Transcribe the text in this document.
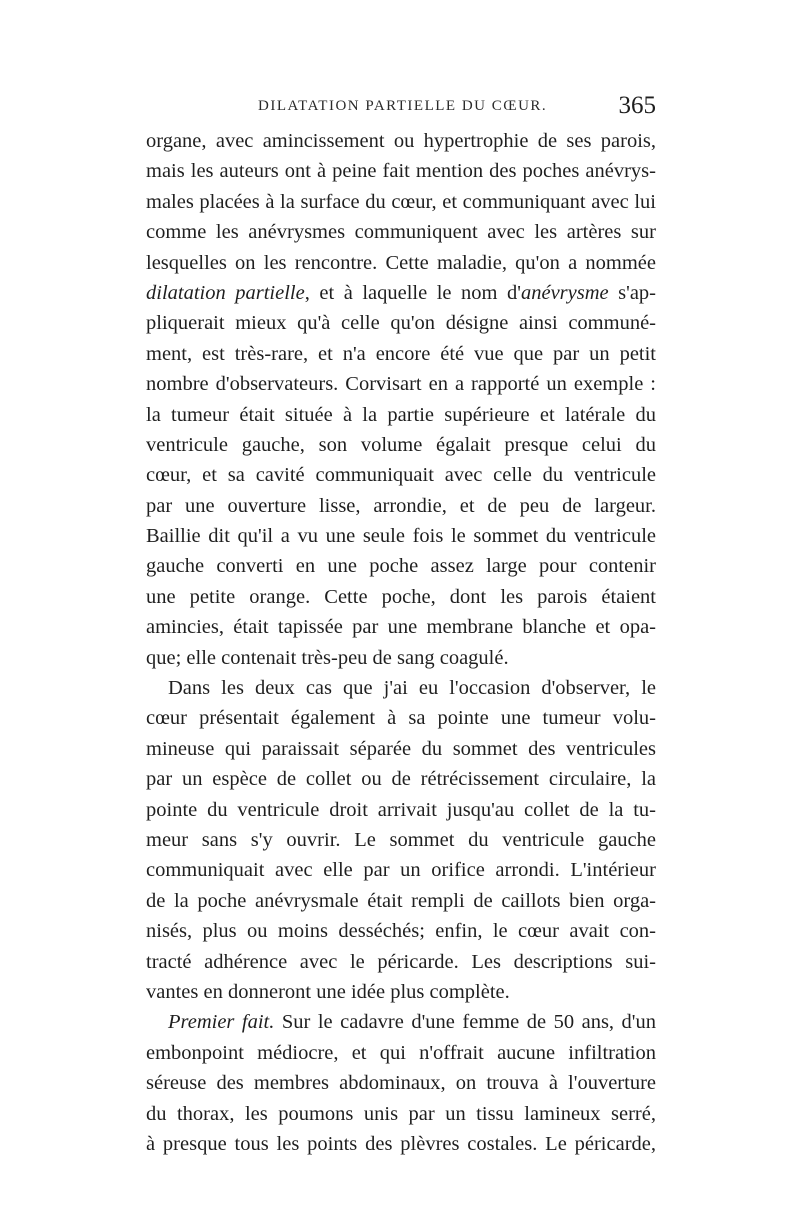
DILATATION PARTIELLE DU CŒUR.	365
organe, avec amincissement ou hypertrophie de ses parois,
mais les auteurs ont à peine fait mention des poches anévrys-
males placées à la surface du cœur, et communiquant avec lui
comme les anévrysmes communiquent avec les artères sur
lesquelles on les rencontre. Cette maladie, qu'on a nommée
dilatation partielle, et à laquelle le nom d'anévrysme s'ap-
pliquerait mieux qu'à celle qu'on désigne ainsi communé-
ment, est très-rare, et n'a encore été vue que par un petit
nombre d'observateurs. Corvisart en a rapporté un exemple :
la tumeur était située à la partie supérieure et latérale du
ventricule gauche, son volume égalait presque celui du
cœur, et sa cavité communiquait avec celle du ventricule
par une ouverture lisse, arrondie, et de peu de largeur.
Baillie dit qu'il a vu une seule fois le sommet du ventricule
gauche converti en une poche assez large pour contenir
une petite orange. Cette poche, dont les parois étaient
amincies, était tapissée par une membrane blanche et opa-
que; elle contenait très-peu de sang coagulé.
Dans les deux cas que j'ai eu l'occasion d'observer, le
cœur présentait également à sa pointe une tumeur volu-
mineuse qui paraissait séparée du sommet des ventricules
par un espèce de collet ou de rétrécissement circulaire, la
pointe du ventricule droit arrivait jusqu'au collet de la tu-
meur sans s'y ouvrir. Le sommet du ventricule gauche
communiquait avec elle par un orifice arrondi. L'intérieur
de la poche anévrysmale était rempli de caillots bien orga-
nisés, plus ou moins desséchés; enfin, le cœur avait con-
tracté adhérence avec le péricarde. Les descriptions sui-
vantes en donneront une idée plus complète.
Premier fait. Sur le cadavre d'une femme de 50 ans, d'un
embonpoint médiocre, et qui n'offrait aucune infiltration
séreuse des membres abdominaux, on trouva à l'ouverture
du thorax, les poumons unis par un tissu lamineux serré,
à presque tous les points des plèvres costales. Le péricarde,
